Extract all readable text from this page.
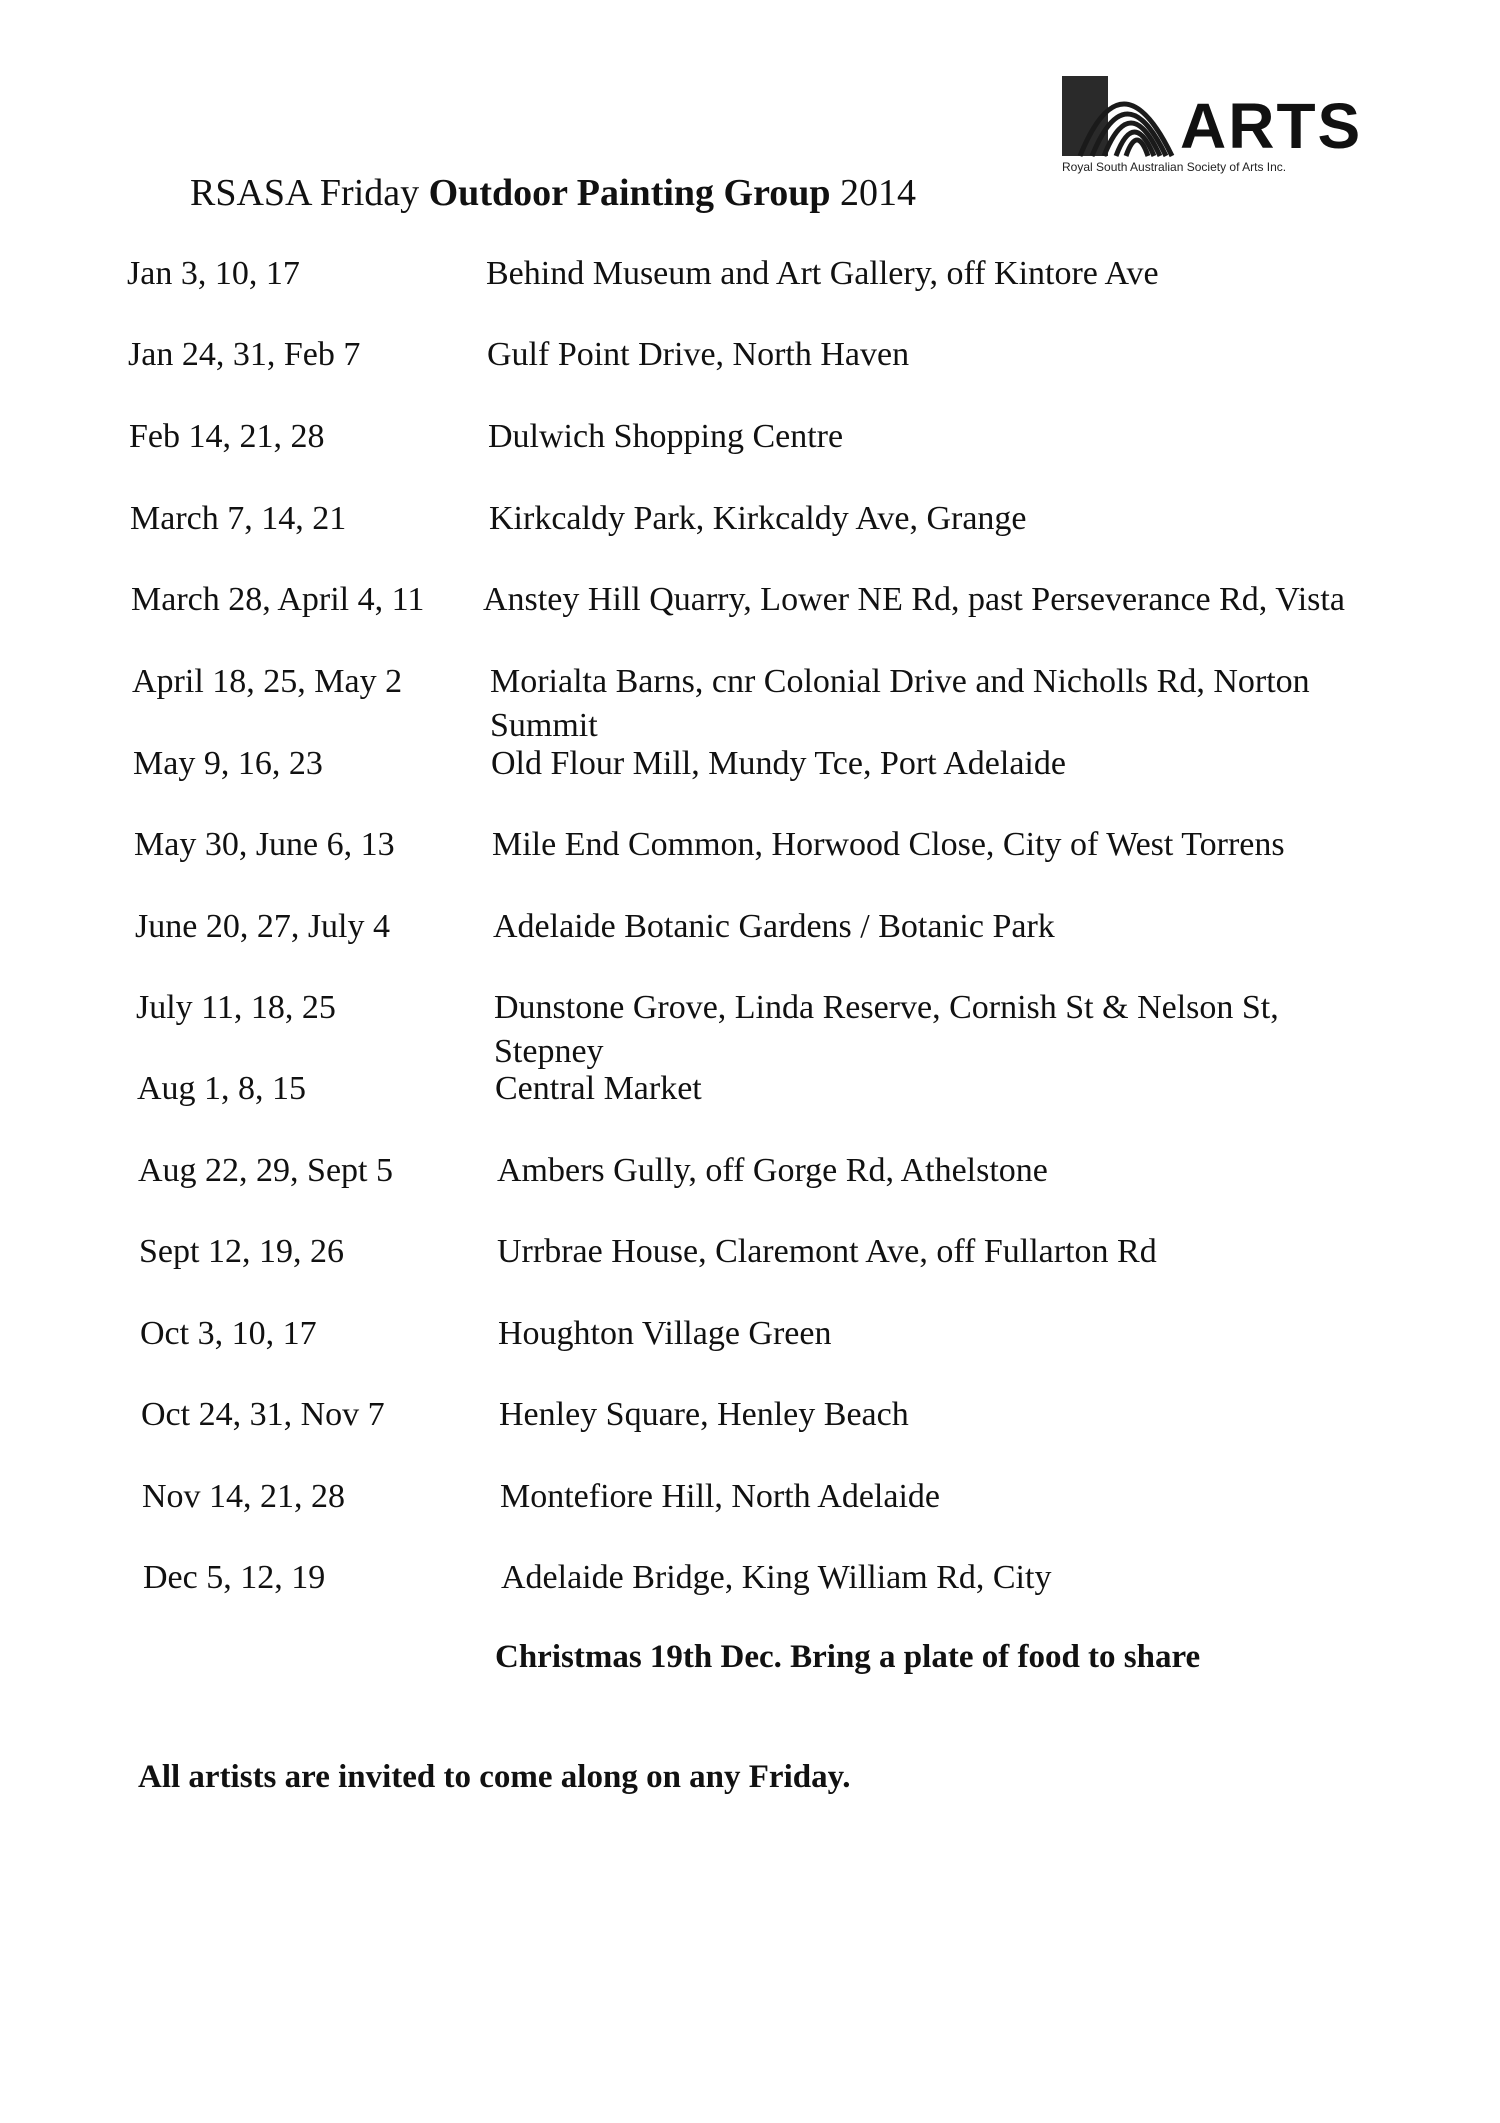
ARTS
Royal South Australian Society of Arts Inc.
RSASA Friday Outdoor Painting Group 2014
Jan 3, 10, 17	Behind Museum and Art Gallery, off Kintore Ave
Jan 24, 31, Feb 7	Gulf Point Drive, North Haven
Feb 14, 21, 28	Dulwich Shopping Centre
March 7, 14, 21	Kirkcaldy Park, Kirkcaldy Ave, Grange
March 28, April 4, 11 Anstey Hill Quarry, Lower NE Rd, past Perseverance Rd, Vista
April 18, 25, May 2	Morialta Barns, cnr Colonial Drive and Nicholls Rd, Norton Summit
May 9, 16, 23	Old Flour Mill, Mundy Tce, Port Adelaide
May 30, June 6, 13	Mile End Common, Horwood Close, City of West Torrens
June 20, 27, July 4	Adelaide Botanic Gardens / Botanic Park
July 11, 18, 25	Dunstone Grove, Linda Reserve, Cornish St & Nelson St, Stepney
Aug 1, 8, 15	Central Market
Aug 22, 29, Sept 5	Ambers Gully, off Gorge Rd, Athelstone
Sept 12, 19, 26	Urrbrae House, Claremont Ave, off Fullarton Rd
Oct 3, 10, 17	Houghton Village Green
Oct 24, 31, Nov 7	Henley Square, Henley Beach
Nov 14, 21, 28	Montefiore Hill, North Adelaide
Dec 5, 12, 19	Adelaide Bridge, King William Rd, City
Christmas 19th Dec. Bring a plate of food to share
All artists are invited to come along on any Friday.
